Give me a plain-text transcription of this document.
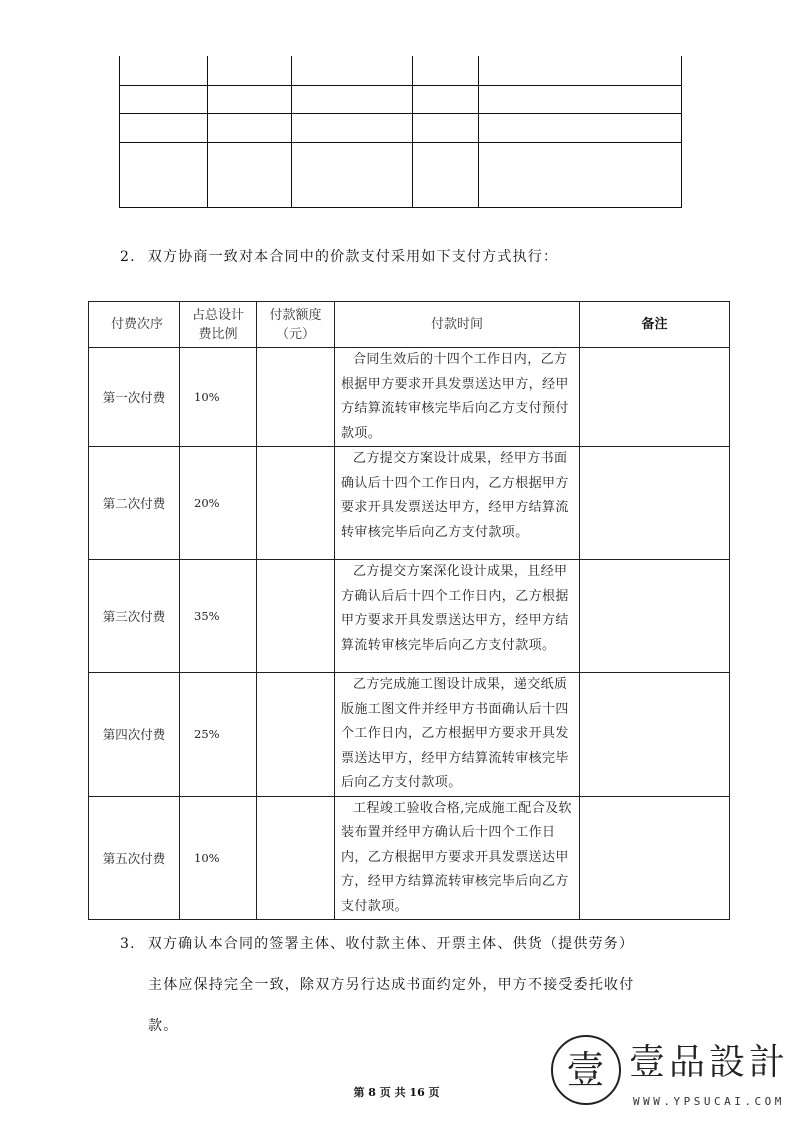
2. 双方协商一致对本合同中的价款支付采用如下支付方式执行：
付费次序	占总设计费比例	付款额度（元）	付款时间	备注
第一次付费	10%		合同生效后的十四个工作日内，乙方根据甲方要求开具发票送达甲方，经甲方结算流转审核完毕后向乙方支付预付款项。	
第二次付费	20%		乙方提交方案设计成果，经甲方书面确认后十四个工作日内，乙方根据甲方要求开具发票送达甲方，经甲方结算流转审核完毕后向乙方支付款项。	
第三次付费	35%		乙方提交方案深化设计成果，且经甲方确认后后十四个工作日内，乙方根据甲方要求开具发票送达甲方，经甲方结算流转审核完毕后向乙方支付款项。	
第四次付费	25%		乙方完成施工图设计成果，递交纸质版施工图文件并经甲方书面确认后十四个工作日内，乙方根据甲方要求开具发票送达甲方，经甲方结算流转审核完毕后向乙方支付款项。	
第五次付费	10%		工程竣工验收合格,完成施工配合及软装布置并经甲方确认后十四个工作日内，乙方根据甲方要求开具发票送达甲方，经甲方结算流转审核完毕后向乙方支付款项。	
3. 双方确认本合同的签署主体、收付款主体、开票主体、供货（提供劳务）
主体应保持完全一致，除双方另行达成书面约定外，甲方不接受委托收付
款。
第 8 页 共 16 页
壹 壹品設計
WWW.YPSUCAI.COM
